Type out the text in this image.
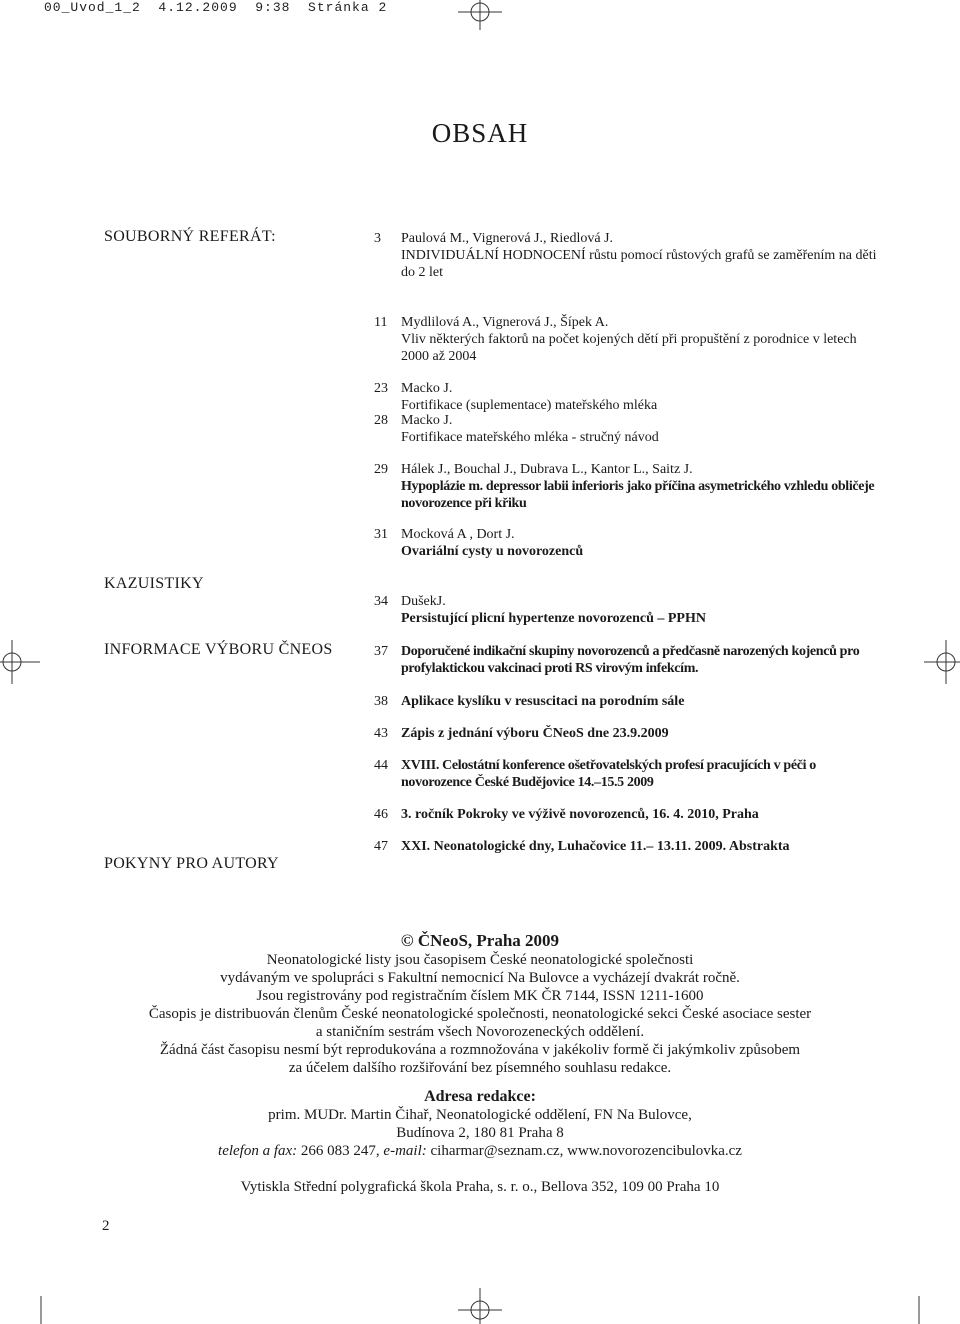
00_Uvod_1_2  4.12.2009  9:38  Stránka 2
OBSAH
SOUBORNÝ REFERÁT:
KAZUISTIKY
INFORMACE VÝBORU ČNEOS
POKYNY PRO AUTORY
3	Paulová M., Vignerová J., Riedlová J.
INDIVIDUÁLNÍ HODNOCENÍ růstu pomocí růstových grafů se zaměřením na děti do 2 let
11 Mydlilová A., Vignerová J., Šípek A.
Vliv některých faktorů na počet kojených dětí při propuštění z porodnice v letech 2000 až 2004
23 Macko J.
Fortifikace (suplementace) mateřského mléka
28 Macko J.
Fortifikace mateřského mléka - stručný návod
29 Hálek J., Bouchal J., Dubrava L., Kantor L., Saitz J.
Hypoplázie m. depressor labii inferioris jako příčina asymetrického vzhledu obličeje novorozence při křiku
31 Mocková A , Dort J.
Ovariální cysty u novorozenců
34 DušekJ.
Persistující plicní hypertenze novorozenců – PPHN
37 Doporučené indikační skupiny novorozenců a předčasně narozených kojenců pro profylaktickou vakcinaci proti RS virovým infekcím.
38 Aplikace kyslíku v resuscitaci na porodním sále
43 Zápis z jednání výboru ČNeoS dne 23.9.2009
44 XVIII. Celostátní konference ošetřovatelských profesí pracujících v péči o novorozence České Budějovice 14.–15.5 2009
46 3. ročník Pokroky ve výživě novorozenců, 16. 4. 2010, Praha
47 XXI. Neonatologické dny, Luhačovice 11.– 13.11. 2009. Abstrakta
© ČNeoS, Praha 2009
Neonatologické listy jsou časopisem České neonatologické společnosti
vydávaným ve spolupráci s Fakultní nemocnicí Na Bulovce a vycházejí dvakrát ročně.
Jsou registrovány pod registračním číslem MK ČR 7144, ISSN 1211-1600
Časopis je distribuován členům České neonatologické společnosti, neonatologické sekci České asociace sester
a staničním sestrám všech Novorozeneckých oddělení.
Žádná část časopisu nesmí být reprodukována a rozmnožována v jakékoliv formě či jakýmkoliv způsobem
za účelem dalšího rozšiřování bez písemného souhlasu redakce.
Adresa redakce:
prim. MUDr. Martin Čihař, Neonatologické oddělení, FN Na Bulovce,
Budínova 2, 180 81 Praha 8
telefon a fax: 266 083 247, e-mail: ciharmar@seznam.cz, www.novorozencibulovka.cz
Vytiskla Střední polygrafická škola Praha, s. r. o., Bellova 352, 109 00 Praha 10
2
